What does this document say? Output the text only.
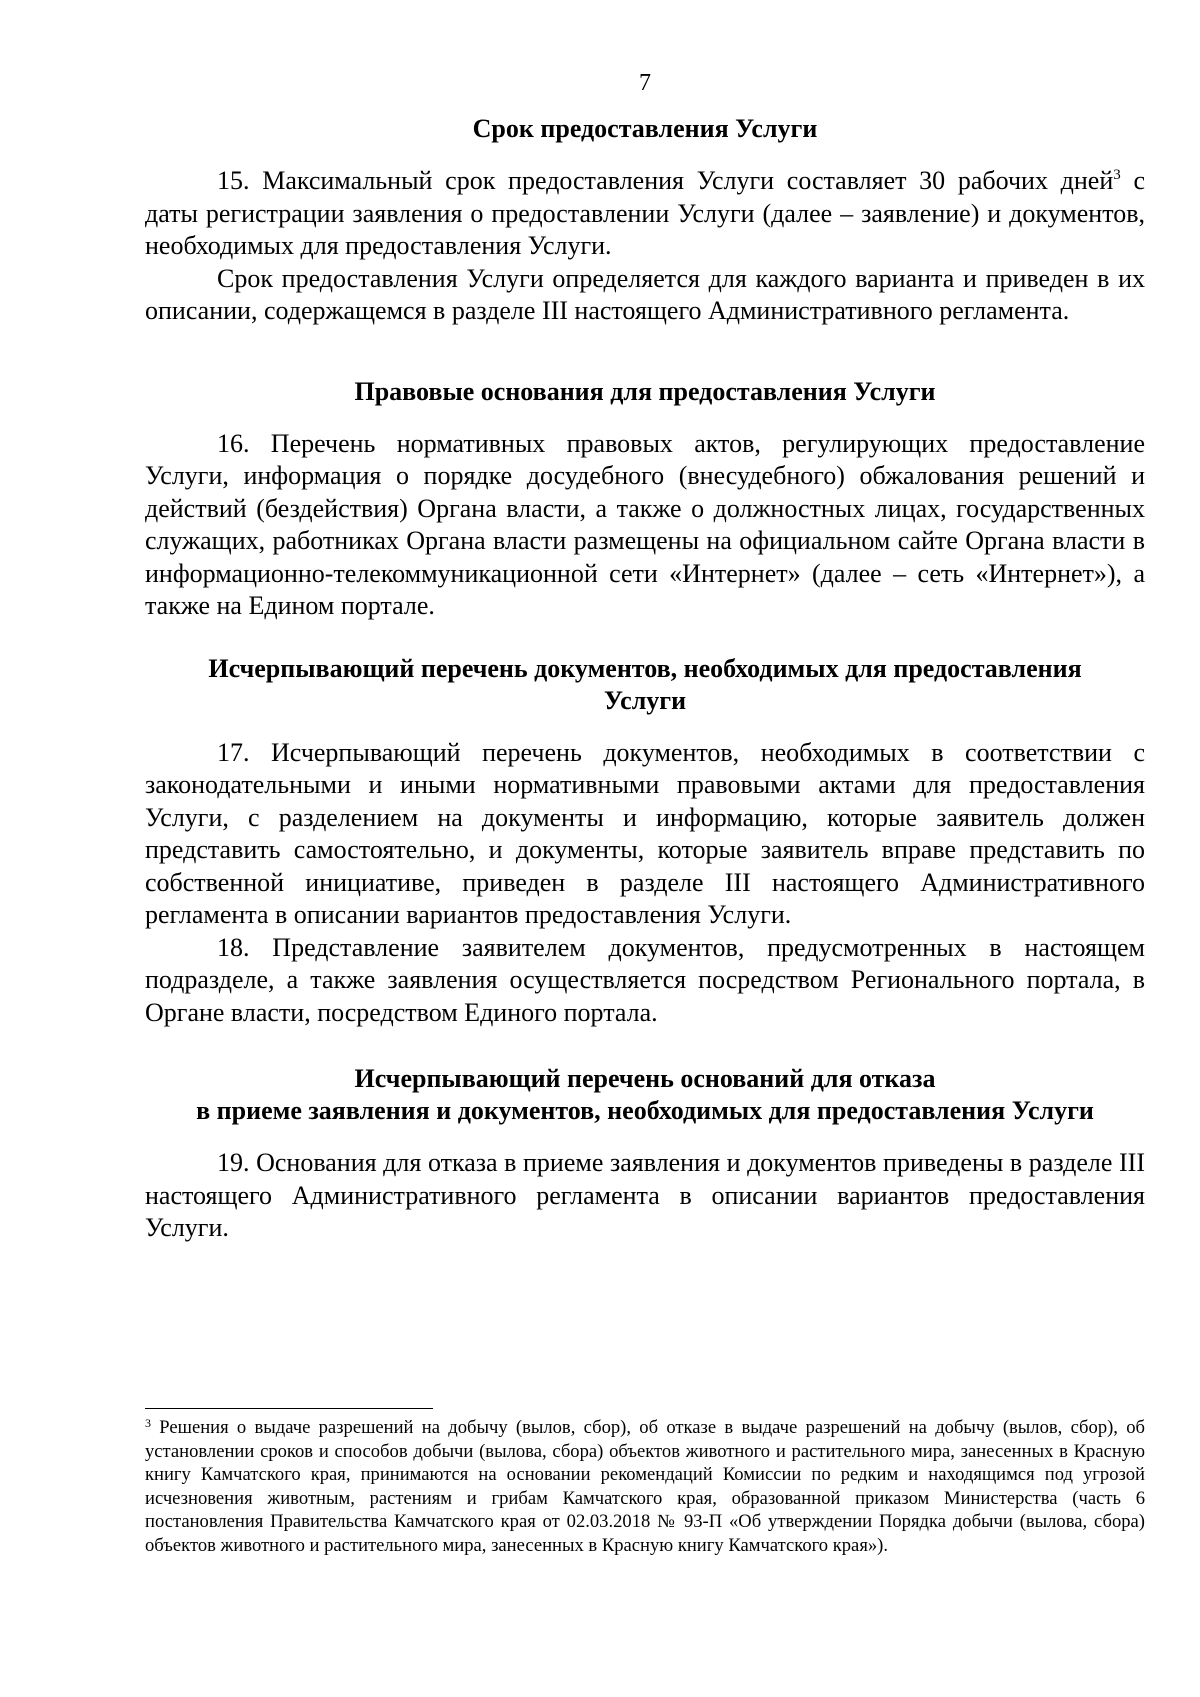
7
Срок предоставления Услуги

15. Максимальный срок предоставления Услуги составляет 30 рабочих дней$^3$ с даты регистрации заявления о предоставлении Услуги (далее – заявление) и документов, необходимых для предоставления Услуги.

Срок предоставления Услуги определяется для каждого варианта и приведен в их описании, содержащемся в разделе III настоящего Административного регламента.

Правовые основания для предоставления Услуги

16. Перечень нормативных правовых актов, регулирующих предоставление Услуги, информация о порядке досудебного (внесудебного) обжалования решений и действий (бездействия) Органа власти, а также о должностных лицах, государственных служащих, работниках Органа власти размещены на официальном сайте Органа власти в информационно-телекоммуникационной сети «Интернет» (далее – сеть «Интернет»), а также на Едином портале.

Исчерпывающий перечень документов, необходимых для предоставления
Услуги

17. Исчерпывающий перечень документов, необходимых в соответствии с законодательными и иными нормативными правовыми актами для предоставления Услуги, с разделением на документы и информацию, которые заявитель должен представить самостоятельно, и документы, которые заявитель вправе представить по собственной инициативе, приведен в разделе III настоящего Административного регламента в описании вариантов предоставления Услуги.

18. Представление заявителем документов, предусмотренных в настоящем подразделе, а также заявления осуществляется посредством Регионального портала, в Органе власти, посредством Единого портала.

Исчерпывающий перечень оснований для отказа
в приеме заявления и документов, необходимых для предоставления Услуги

19. Основания для отказа в приеме заявления и документов приведены в разделе III настоящего Административного регламента в описании вариантов предоставления Услуги.

$^3$ Решения о выдаче разрешений на добычу (вылов, сбор), об отказе в выдаче разрешений на добычу (вылов, сбор), об установлении сроков и способов добычи (вылова, сбора) объектов животного и растительного мира, занесенных в Красную книгу Камчатского края, принимаются на основании рекомендаций Комиссии по редким и находящимся под угрозой исчезновения животным, растениям и грибам Камчатского края, образованной приказом Министерства (часть 6 постановления Правительства Камчатского края от 02.03.2018 № 93-П «Об утверждении Порядка добычи (вылова, сбора) объектов животного и растительного мира, занесенных в Красную книгу Камчатского края»).
